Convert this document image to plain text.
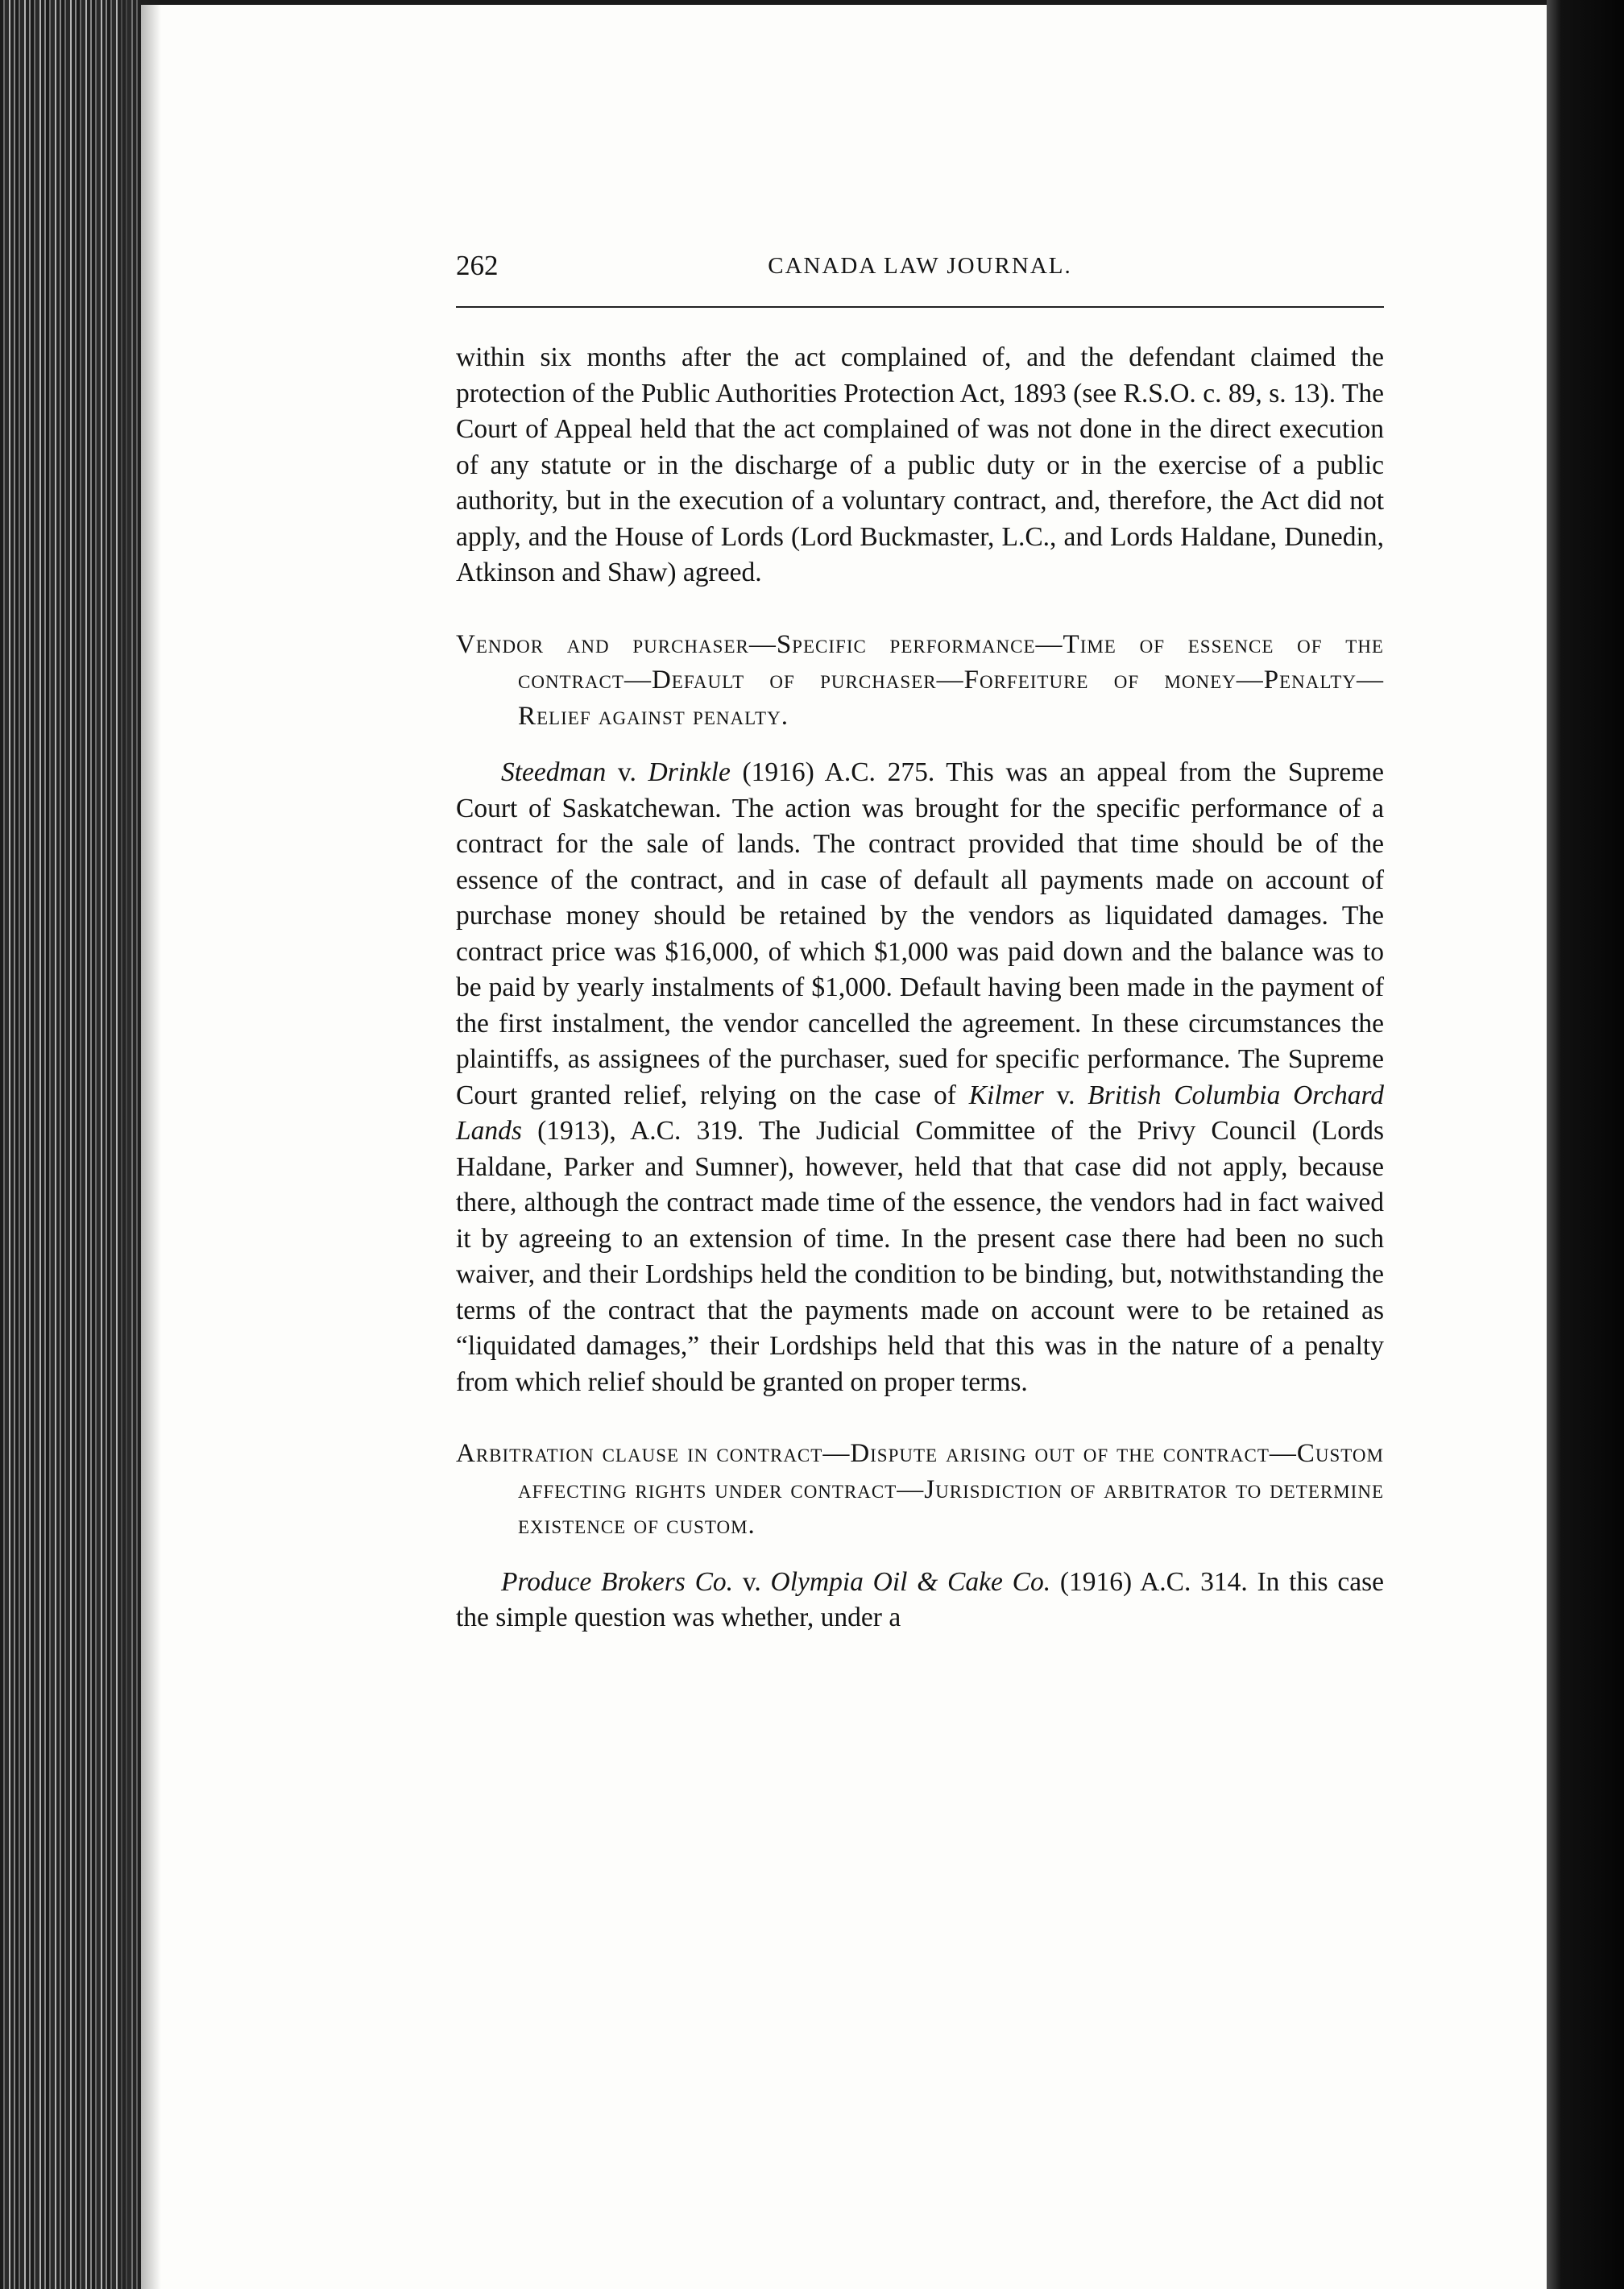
262	CANADA LAW JOURNAL.

within six months after the act complained of, and the defendant claimed the protection of the Public Authorities Protection Act, 1893 (see R.S.O. c. 89, s. 13). The Court of Appeal held that the act complained of was not done in the direct execution of any statute or in the discharge of a public duty or in the exercise of a public authority, but in the execution of a voluntary contract, and, therefore, the Act did not apply, and the House of Lords (Lord Buckmaster, L.C., and Lords Haldane, Dunedin, Atkinson and Shaw) agreed.

Vendor and purchaser—Specific performance—Time of essence of the contract—Default of purchaser—Forfeiture of money—Penalty—Relief against penalty.

Steedman v. Drinkle (1916) A.C. 275. This was an appeal from the Supreme Court of Saskatchewan. The action was brought for the specific performance of a contract for the sale of lands. The contract provided that time should be of the essence of the contract, and in case of default all payments made on account of purchase money should be retained by the vendors as liquidated damages. The contract price was $16,000, of which $1,000 was paid down and the balance was to be paid by yearly instalments of $1,000. Default having been made in the payment of the first instalment, the vendor cancelled the agreement. In these circumstances the plaintiffs, as assignees of the purchaser, sued for specific performance. The Supreme Court granted relief, relying on the case of Kilmer v. British Columbia Orchard Lands (1913), A.C. 319. The Judicial Committee of the Privy Council (Lords Haldane, Parker and Sumner), however, held that that case did not apply, because there, although the contract made time of the essence, the vendors had in fact waived it by agreeing to an extension of time. In the present case there had been no such waiver, and their Lordships held the condition to be binding, but, notwithstanding the terms of the contract that the payments made on account were to be retained as “liquidated damages,” their Lordships held that this was in the nature of a penalty from which relief should be granted on proper terms.

Arbitration clause in contract—Dispute arising out of the contract—Custom affecting rights under contract—Jurisdiction of arbitrator to determine existence of custom.

Produce Brokers Co. v. Olympia Oil & Cake Co. (1916) A.C. 314. In this case the simple question was whether, under a
